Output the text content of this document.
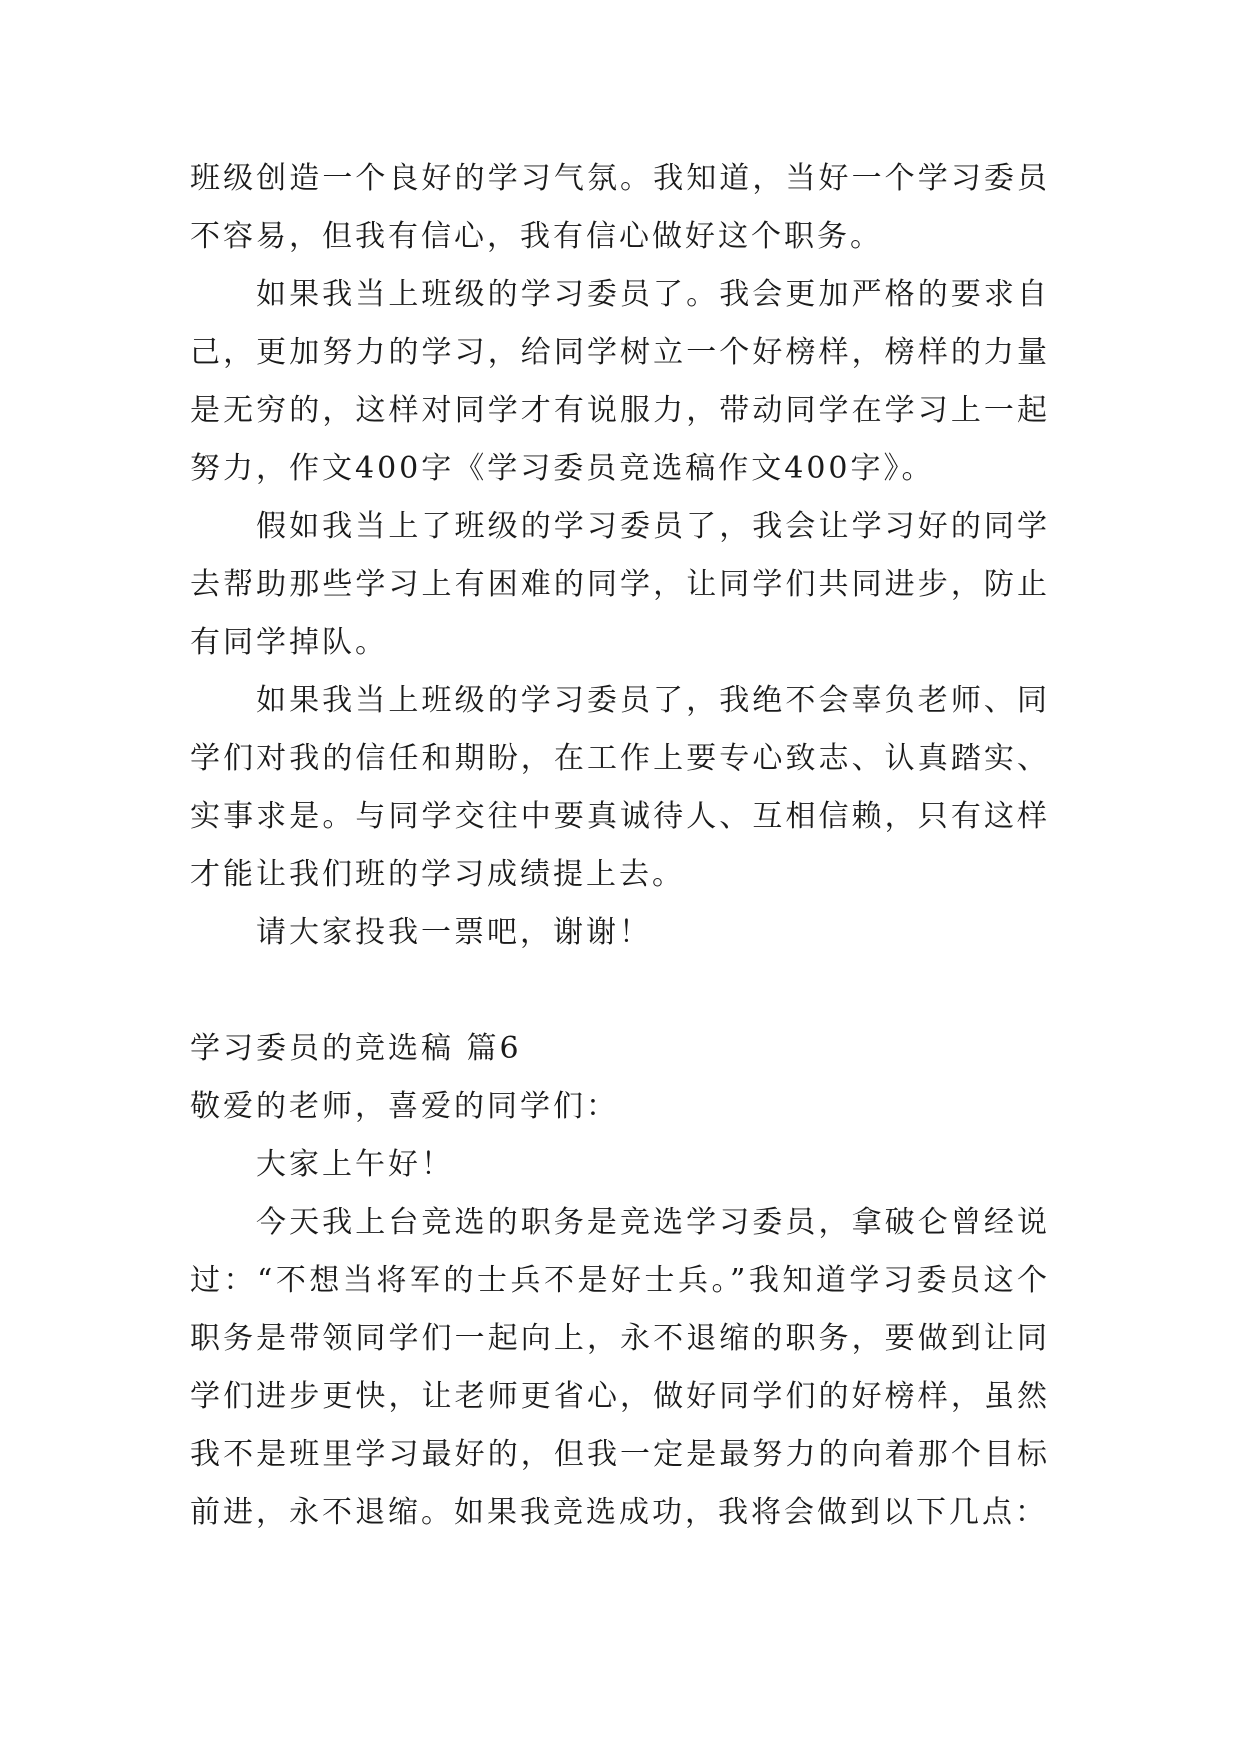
班级创造一个良好的学习气氛。我知道，当好一个学习委员不容易，但我有信心，我有信心做好这个职务。

如果我当上班级的学习委员了。我会更加严格的要求自己，更加努力的学习，给同学树立一个好榜样，榜样的力量是无穷的，这样对同学才有说服力，带动同学在学习上一起努力，作文400字《学习委员竞选稿作文400字》。

假如我当上了班级的学习委员了，我会让学习好的同学去帮助那些学习上有困难的同学，让同学们共同进步，防止有同学掉队。

如果我当上班级的学习委员了，我绝不会辜负老师、同学们对我的信任和期盼，在工作上要专心致志、认真踏实、实事求是。与同学交往中要真诚待人、互相信赖，只有这样才能让我们班的学习成绩提上去。

请大家投我一票吧，谢谢！

学习委员的竞选稿 篇6

敬爱的老师，喜爱的同学们：

大家上午好！

今天我上台竞选的职务是竞选学习委员，拿破仑曾经说过：“不想当将军的士兵不是好士兵。”我知道学习委员这个职务是带领同学们一起向上，永不退缩的职务，要做到让同学们进步更快，让老师更省心，做好同学们的好榜样，虽然我不是班里学习最好的，但我一定是最努力的向着那个目标前进，永不退缩。如果我竞选成功，我将会做到以下几点：
